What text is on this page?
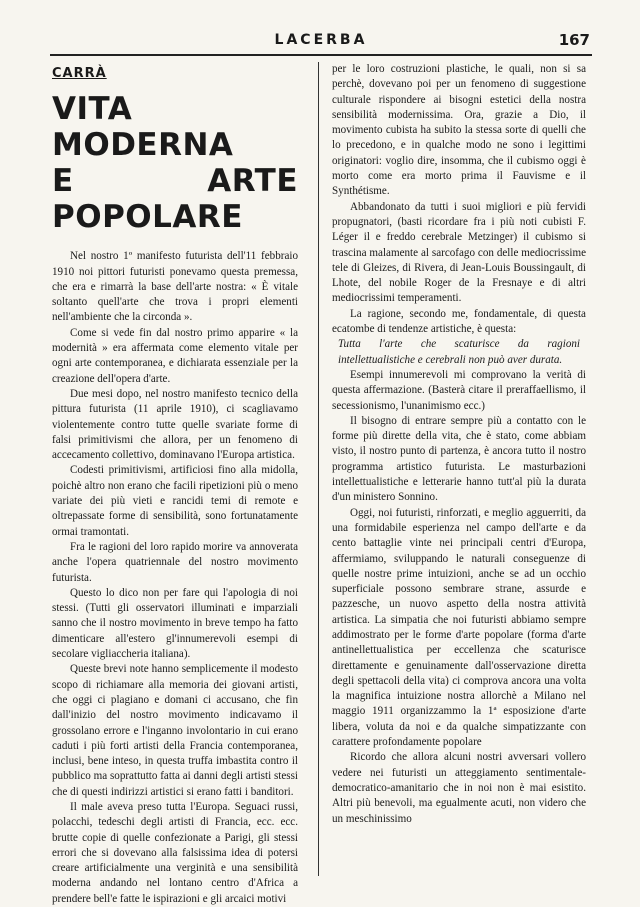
LACERBA	167
CARRÀ
VITA MODERNA
E ARTE POPOLARE

Nel nostro 1º manifesto futurista dell'11 febbraio 1910 noi pittori futuristi ponevamo questa premessa, che era e rimarrà la base dell'arte nostra: « È vitale soltanto quell'arte che trova i propri elementi nell'ambiente che la circonda ».

Come si vede fin dal nostro primo apparire « la modernità » era affermata come elemento vitale per ogni arte contemporanea, e dichiarata essenziale per la creazione dell'opera d'arte.

Due mesi dopo, nel nostro manifesto tecnico della pittura futurista (11 aprile 1910), ci scagliavamo violentemente contro tutte quelle svariate forme di falsi primitivismi che allora, per un fenomeno di accecamento collettivo, dominavano l'Europa artistica.

Codesti primitivismi, artificiosi fino alla midolla, poichè altro non erano che facili ripetizioni più o meno variate dei più vieti e rancidi temi di remote e oltrepassate forme di sensibilità, sono fortunatamente ormai tramontati.

Fra le ragioni del loro rapido morire va annoverata anche l'opera quatriennale del nostro movimento futurista.

Questo lo dico non per fare qui l'apologia di noi stessi. (Tutti gli osservatori illuminati e imparziali sanno che il nostro movimento in breve tempo ha fatto dimenticare all'estero gl'innumerevoli esempi di secolare vigliaccheria italiana).

Queste brevi note hanno semplicemente il modesto scopo di richiamare alla memoria dei giovani artisti, che oggi ci plagiano e domani ci accusano, che fin dall'inizio del nostro movimento indicavamo il grossolano errore e l'inganno involontario in cui erano caduti i più forti artisti della Francia contemporanea, inclusi, bene inteso, in questa truffa imbastita contro il pubblico ma soprattutto fatta ai danni degli artisti stessi che di questi indirizzi artistici si erano fatti i banditori.

Il male aveva preso tutta l'Europa. Seguaci russi, polacchi, tedeschi degli artisti di Francia, ecc. ecc. brutte copie di quelle confezionate a Parigi, gli stessi errori che si dovevano alla falsissima idea di potersi creare artificialmente una verginità e una sensibilità moderna andando nel lontano centro d'Africa a prendere bell'e fatte le ispirazioni e gli arcaici motivi

per le loro costruzioni plastiche, le quali, non si sa perchè, dovevano poi per un fenomeno di suggestione culturale rispondere ai bisogni estetici della nostra sensibilità modernissima. Ora, grazie a Dio, il movimento cubista ha subito la stessa sorte di quelli che lo precedono, e in qualche modo ne sono i legittimi originatori: voglio dire, insomma, che il cubismo oggi è morto come era morto prima il Fauvisme e il Synthétisme.

Abbandonato da tutti i suoi migliori e più fervidi propugnatori, (basti ricordare fra i più noti cubisti F. Léger il e freddo cerebrale Metzinger) il cubismo si trascina malamente al sarcofago con delle mediocrissime tele di Gleizes, di Rivera, di Jean-Louis Boussingault, di Lhote, del nobile Roger de la Fresnaye e di altri mediocrissimi temperamenti.

La ragione, secondo me, fondamentale, di questa ecatombe di tendenze artistiche, è questa:

Tutta l'arte che scaturisce da ragioni intellettualistiche e cerebrali non può aver durata.

Esempi innumerevoli mi comprovano la verità di questa affermazione. (Basterà citare il preraffaellismo, il secessionismo, l'unanimismo ecc.)

Il bisogno di entrare sempre più a contatto con le forme più dirette della vita, che è stato, come abbiam visto, il nostro punto di partenza, è ancora tutto il nostro programma artistico futurista. Le masturbazioni intellettualistiche e letterarie hanno tutt'al più la durata d'un ministero Sonnino.

Oggi, noi futuristi, rinforzati, e meglio agguerriti, da una formidabile esperienza nel campo dell'arte e da cento battaglie vinte nei principali centri d'Europa, affermiamo, sviluppando le naturali conseguenze di quelle nostre prime intuizioni, anche se ad un occhio superficiale possono sembrare strane, assurde e pazzesche, un nuovo aspetto della nostra attività artistica. La simpatia che noi futuristi abbiamo sempre addimostrato per le forme d'arte popolare (forma d'arte antinellettualistica per eccellenza che scaturisce direttamente e genuinamente dall'osservazione diretta degli spettacoli della vita) ci comprova ancora una volta la magnifica intuizione nostra allorchè a Milano nel maggio 1911 organizzammo la 1ª esposizione d'arte libera, voluta da noi e da qualche simpatizzante con carattere profondamente popolare

Ricordo che allora alcuni nostri avversari vollero vedere nei futuristi un atteggiamento sentimentale-democratico-amanitario che in noi non è mai esistito. Altri più benevoli, ma egualmente acuti, non videro che un meschinissimo
